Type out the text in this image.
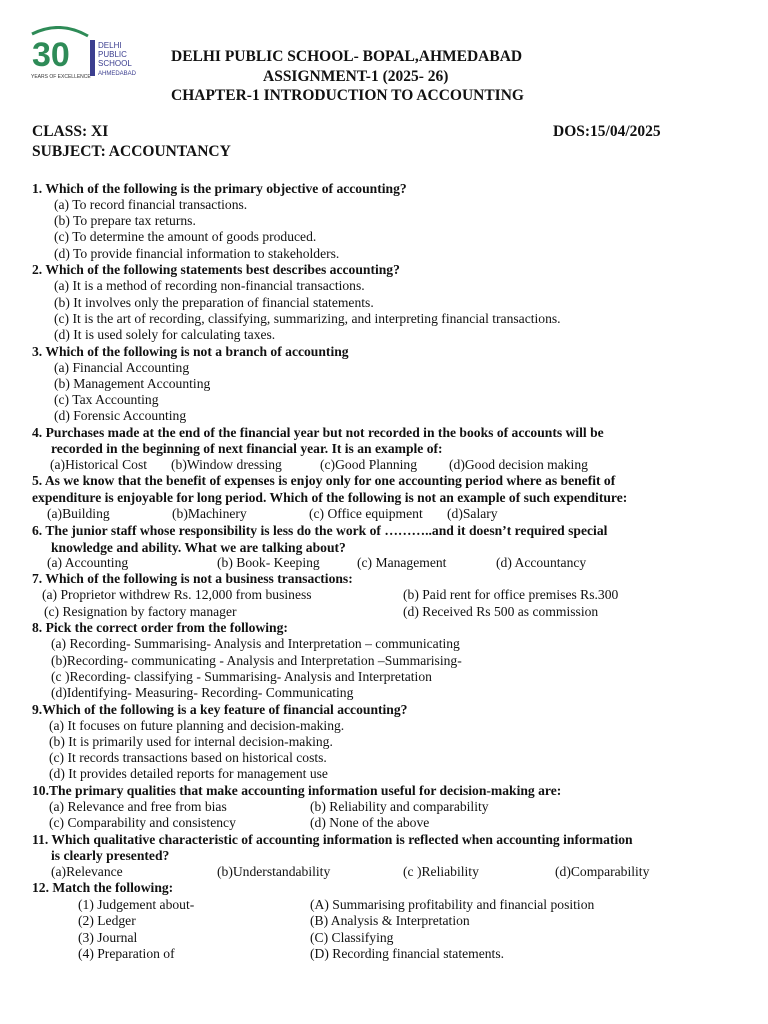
30
YEARS OF EXCELLENCE
DELHI
PUBLIC
SCHOOL
AHMEDABAD
DELHI PUBLIC SCHOOL- BOPAL,AHMEDABAD
ASSIGNMENT-1 (2025- 26)
CHAPTER-1 INTRODUCTION TO ACCOUNTING
CLASS: XI	DOS:15/04/2025
SUBJECT: ACCOUNTANCY
1. Which of the following is the primary objective of accounting?
(a) To record financial transactions.
(b) To prepare tax returns.
(c) To determine the amount of goods produced.
(d) To provide financial information to stakeholders.
2. Which of the following statements best describes accounting?
(a) It is a method of recording non-financial transactions.
(b) It involves only the preparation of financial statements.
(c) It is the art of recording, classifying, summarizing, and interpreting financial transactions.
(d) It is used solely for calculating taxes.
3. Which of the following is not a branch of accounting
(a) Financial Accounting
(b) Management Accounting
(c) Tax Accounting
(d) Forensic Accounting
4. Purchases made at the end of the financial year but not recorded in the books of accounts will be
recorded in the beginning of next financial year. It is an example of:
(a)Historical Cost (b)Window dressing	(c)Good Planning (d)Good decision making
5. As we know that the benefit of expenses is enjoy only for one accounting period where as benefit of
expenditure is enjoyable for long period. Which of the following is not an example of such expenditure:
(a)Building	(b)Machinery	(c) Office equipment (d)Salary
6. The junior staff whose responsibility is less do the work of ………..and it doesn’t required special
knowledge and ability. What we are talking about?
(a) Accounting	(b) Book- Keeping	(c) Management	(d) Accountancy
7. Which of the following is not a business transactions:
(a) Proprietor withdrew Rs. 12,000 from business	(b) Paid rent for office premises Rs.300
(c) Resignation by factory manager	(d) Received Rs 500 as commission
8. Pick the correct order from the following:
(a) Recording- Summarising- Analysis and Interpretation – communicating
(b)Recording- communicating - Analysis and Interpretation –Summarising-
(c )Recording- classifying - Summarising- Analysis and Interpretation
(d)Identifying- Measuring- Recording- Communicating
9.Which of the following is a key feature of financial accounting?
(a) It focuses on future planning and decision-making.
(b) It is primarily used for internal decision-making.
(c) It records transactions based on historical costs.
(d) It provides detailed reports for management use
10.The primary qualities that make accounting information useful for decision-making are:
(a) Relevance and free from bias	(b) Reliability and comparability
(c) Comparability and consistency	(d) None of the above
11. Which qualitative characteristic of accounting information is reflected when accounting information
is clearly presented?
(a)Relevance	(b)Understandability	(c )Reliability	(d)Comparability
12. Match the following:
(1) Judgement about-	(A) Summarising profitability and financial position
(2) Ledger	(B) Analysis & Interpretation
(3) Journal	(C) Classifying
(4) Preparation of	(D) Recording financial statements.
